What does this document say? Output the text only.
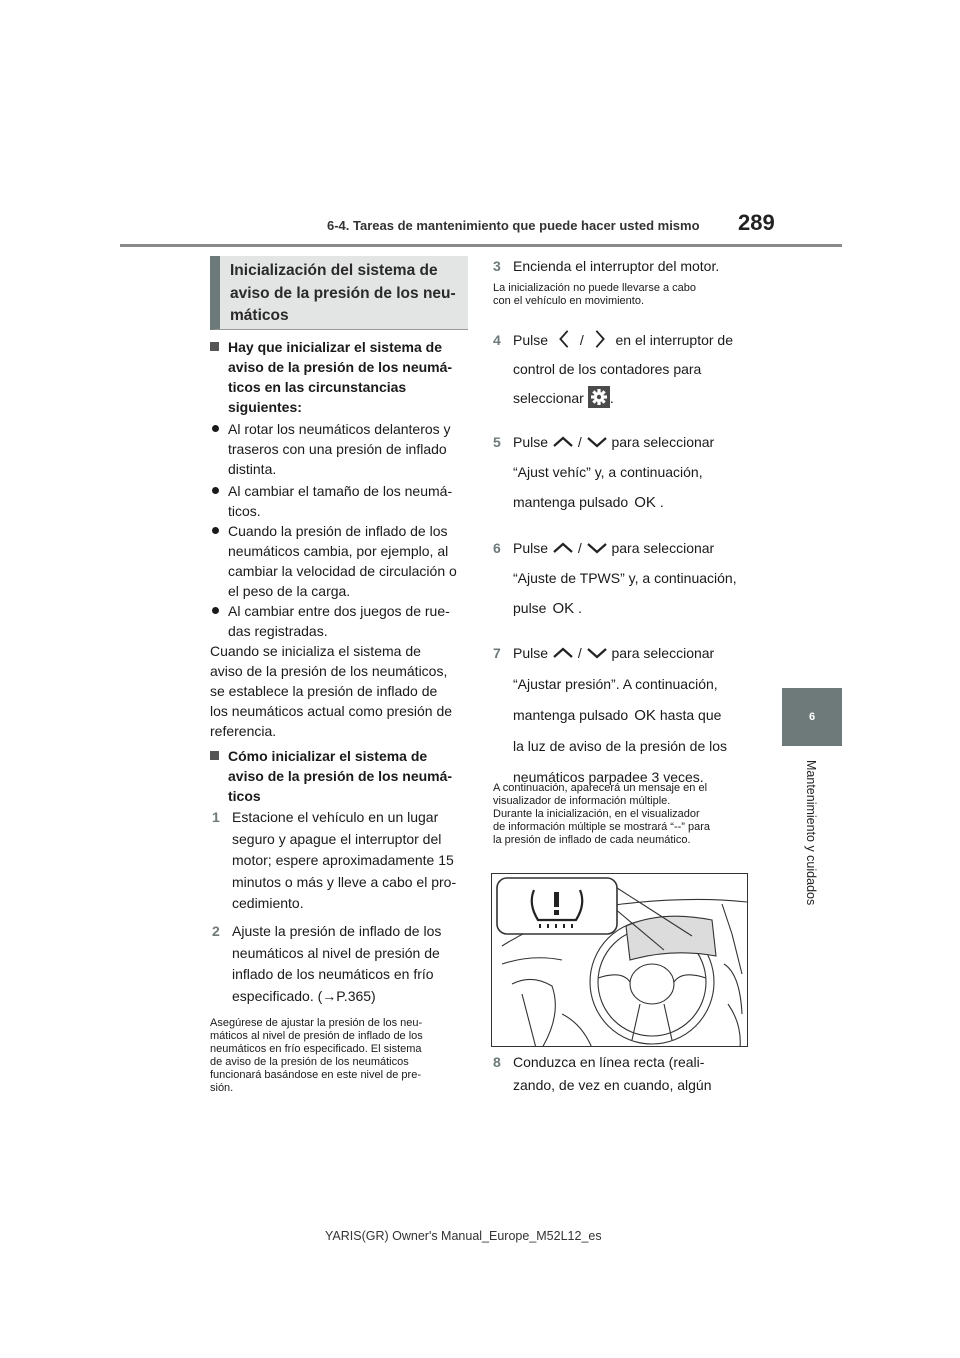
6-4. Tareas de mantenimiento que puede hacer usted mismo 289
6
Mantenimiento y cuidados
Inicialización del sistema de
aviso de la presión de los neu-
máticos
Hay que inicializar el sistema de
aviso de la presión de los neumá-
ticos en las circunstancias
siguientes:
Al rotar los neumáticos delanteros y
traseros con una presión de inflado
distinta.
Al cambiar el tamaño de los neumá-
ticos.
Cuando la presión de inflado de los
neumáticos cambia, por ejemplo, al
cambiar la velocidad de circulación o
el peso de la carga.
Al cambiar entre dos juegos de rue-
das registradas.
Cuando se inicializa el sistema de
aviso de la presión de los neumáticos,
se establece la presión de inflado de
los neumáticos actual como presión de
referencia.
Cómo inicializar el sistema de
aviso de la presión de los neumá-
ticos
1 Estacione el vehículo en un lugar
seguro y apague el interruptor del
motor; espere aproximadamente 15
minutos o más y lleve a cabo el pro-
cedimiento.
2 Ajuste la presión de inflado de los
neumáticos al nivel de presión de
inflado de los neumáticos en frío
especificado. (→P.365)
Asegúrese de ajustar la presión de los neu-
máticos al nivel de presión de inflado de los
neumáticos en frío especificado. El sistema
de aviso de la presión de los neumáticos
funcionará basándose en este nivel de pre-
sión.
3 Encienda el interruptor del motor.
La inicialización no puede llevarse a cabo
con el vehículo en movimiento.
4 Pulse / en el interruptor de
control de los contadores para
seleccionar .
5 Pulse / para seleccionar
“Ajust vehíc” y, a continuación,
mantenga pulsado OK .
6 Pulse / para seleccionar
“Ajuste de TPWS” y, a continuación,
pulse OK .
7 Pulse / para seleccionar
“Ajustar presión”. A continuación,
mantenga pulsado OK hasta que
la luz de aviso de la presión de los
neumáticos parpadee 3 veces.
A continuación, aparecerá un mensaje en el
visualizador de información múltiple.
Durante la inicialización, en el visualizador
de información múltiple se mostrará “--” para
la presión de inflado de cada neumático.
8 Conduzca en línea recta (reali-
zando, de vez en cuando, algún
YARIS(GR) Owner's Manual_Europe_M52L12_es
